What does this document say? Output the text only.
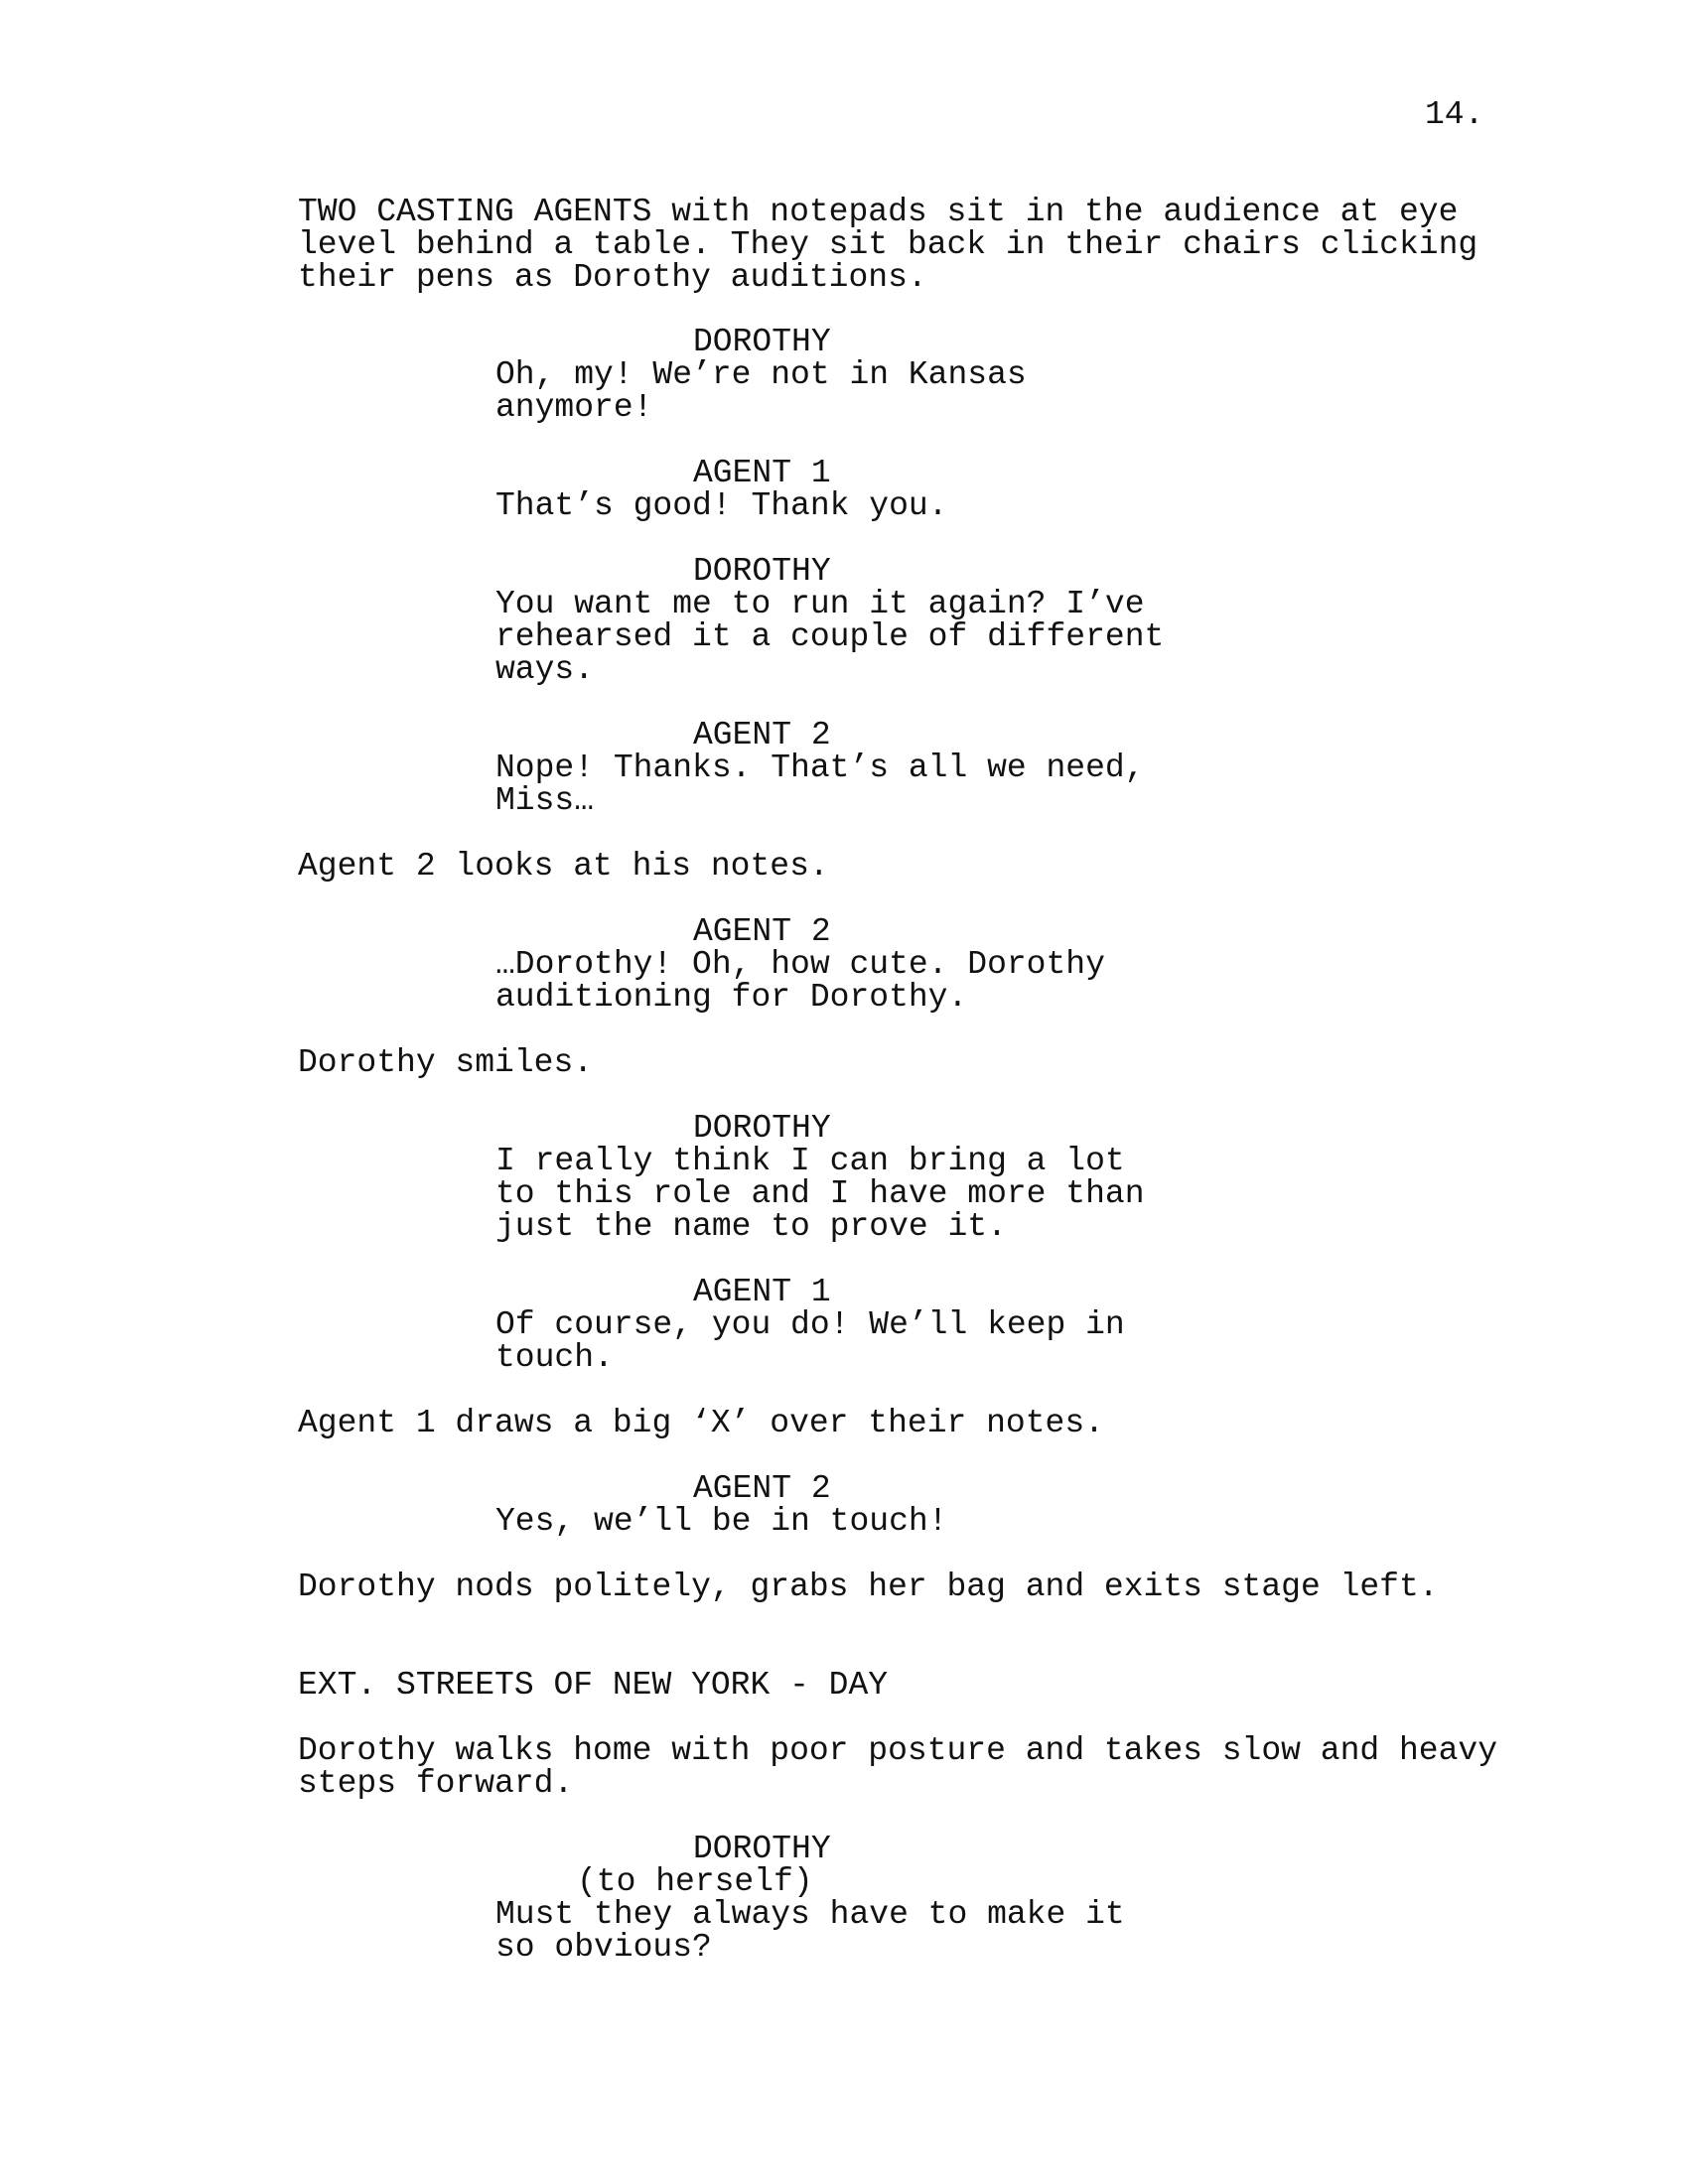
14.
TWO CASTING AGENTS with notepads sit in the audience at eye
level behind a table. They sit back in their chairs clicking
their pens as Dorothy auditions.
DOROTHY
Oh, my! We’re not in Kansas
anymore!
AGENT 1
That’s good! Thank you.
DOROTHY
You want me to run it again? I’ve
rehearsed it a couple of different
ways.
AGENT 2
Nope! Thanks. That’s all we need,
Miss…
Agent 2 looks at his notes.
AGENT 2
…Dorothy! Oh, how cute. Dorothy
auditioning for Dorothy.
Dorothy smiles.
DOROTHY
I really think I can bring a lot
to this role and I have more than
just the name to prove it.
AGENT 1
Of course, you do! We’ll keep in
touch.
Agent 1 draws a big ‘X’ over their notes.
AGENT 2
Yes, we’ll be in touch!
Dorothy nods politely, grabs her bag and exits stage left.
EXT. STREETS OF NEW YORK - DAY
Dorothy walks home with poor posture and takes slow and heavy
steps forward.
DOROTHY
(to herself)
Must they always have to make it
so obvious?
